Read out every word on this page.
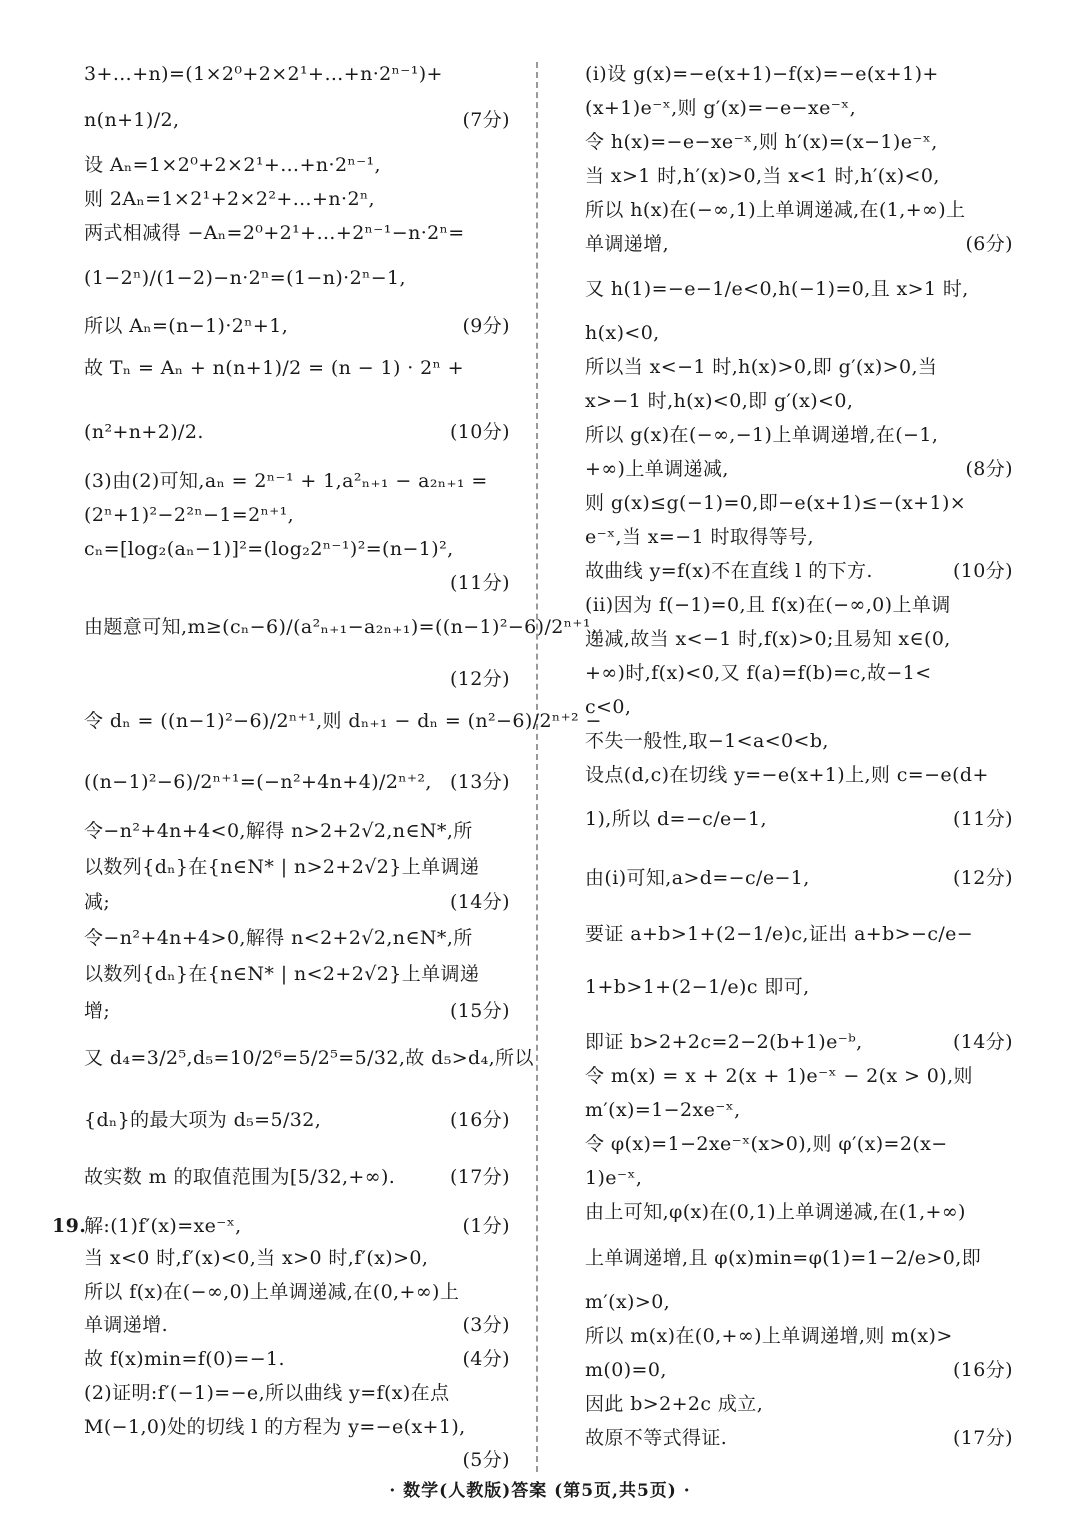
3+…+n)=(1×2⁰+2×2¹+…+n·2ⁿ⁻¹)+
n(n+1)/2,	(7分)
设 Aₙ=1×2⁰+2×2¹+…+n·2ⁿ⁻¹,
则 2Aₙ=1×2¹+2×2²+…+n·2ⁿ,
两式相减得 −Aₙ=2⁰+2¹+…+2ⁿ⁻¹−n·2ⁿ=
(1−2ⁿ)/(1−2)−n·2ⁿ=(1−n)·2ⁿ−1,
所以 Aₙ=(n−1)·2ⁿ+1,	(9分)
故 Tₙ = Aₙ + n(n+1)/2 = (n − 1) · 2ⁿ +
(n²+n+2)/2.	(10分)
(3)由(2)可知,aₙ = 2ⁿ⁻¹ + 1,a²ₙ₊₁ − a₂ₙ₊₁ =
(2ⁿ+1)²−2²ⁿ−1=2ⁿ⁺¹,
cₙ=[log₂(aₙ−1)]²=(log₂2ⁿ⁻¹)²=(n−1)²,
(11分)
由题意可知,m≥(cₙ−6)/(a²ₙ₊₁−a₂ₙ₊₁)=((n−1)²−6)/2ⁿ⁺¹,
(12分)
令 dₙ = ((n−1)²−6)/2ⁿ⁺¹,则 dₙ₊₁ − dₙ = (n²−6)/2ⁿ⁺² −
((n−1)²−6)/2ⁿ⁺¹=(−n²+4n+4)/2ⁿ⁺², (13分)
令−n²+4n+4<0,解得 n>2+2√2,n∈N*,所
以数列{dₙ}在{n∈N* | n>2+2√2}上单调递
减;	(14分)
令−n²+4n+4>0,解得 n<2+2√2,n∈N*,所
以数列{dₙ}在{n∈N* | n<2+2√2}上单调递
增;	(15分)
又 d₄=3/2⁵,d₅=10/2⁶=5/2⁵=5/32,故 d₅>d₄,所以
{dₙ}的最大项为 d₅=5/32,	(16分)
故实数 m 的取值范围为[5/32,+∞).	(17分)
解:(1)f′(x)=xe⁻ˣ,	(1分)
19.
当 x<0 时,f′(x)<0,当 x>0 时,f′(x)>0,
所以 f(x)在(−∞,0)上单调递减,在(0,+∞)上
单调递增.	(3分)
故 f(x)min=f(0)=−1.	(4分)
(2)证明:f′(−1)=−e,所以曲线 y=f(x)在点
M(−1,0)处的切线 l 的方程为 y=−e(x+1),
(5分)
(i)设 g(x)=−e(x+1)−f(x)=−e(x+1)+
(x+1)e⁻ˣ,则 g′(x)=−e−xe⁻ˣ,
令 h(x)=−e−xe⁻ˣ,则 h′(x)=(x−1)e⁻ˣ,
当 x>1 时,h′(x)>0,当 x<1 时,h′(x)<0,
所以 h(x)在(−∞,1)上单调递减,在(1,+∞)上
单调递增,	(6分)
又 h(1)=−e−1/e<0,h(−1)=0,且 x>1 时,
h(x)<0,
所以当 x<−1 时,h(x)>0,即 g′(x)>0,当
x>−1 时,h(x)<0,即 g′(x)<0,
所以 g(x)在(−∞,−1)上单调递增,在(−1,
+∞)上单调递减,	(8分)
则 g(x)≤g(−1)=0,即−e(x+1)≤−(x+1)×
e⁻ˣ,当 x=−1 时取得等号,
故曲线 y=f(x)不在直线 l 的下方.	(10分)
(ii)因为 f(−1)=0,且 f(x)在(−∞,0)上单调
递减,故当 x<−1 时,f(x)>0;且易知 x∈(0,
+∞)时,f(x)<0,又 f(a)=f(b)=c,故−1<
c<0,
不失一般性,取−1<a<0<b,
设点(d,c)在切线 y=−e(x+1)上,则 c=−e(d+
1),所以 d=−c/e−1,	(11分)
由(i)可知,a>d=−c/e−1,	(12分)
要证 a+b>1+(2−1/e)c,证出 a+b>−c/e−
1+b>1+(2−1/e)c 即可,
即证 b>2+2c=2−2(b+1)e⁻ᵇ,	(14分)
令 m(x) = x + 2(x + 1)e⁻ˣ − 2(x > 0),则
m′(x)=1−2xe⁻ˣ,
令 φ(x)=1−2xe⁻ˣ(x>0),则 φ′(x)=2(x−
1)e⁻ˣ,
由上可知,φ(x)在(0,1)上单调递减,在(1,+∞)
上单调递增,且 φ(x)min=φ(1)=1−2/e>0,即
m′(x)>0,
所以 m(x)在(0,+∞)上单调递增,则 m(x)>
m(0)=0,	(16分)
因此 b>2+2c 成立,
故原不等式得证.	(17分)
· 数学(人教版)答案 (第5页,共5页) ·
